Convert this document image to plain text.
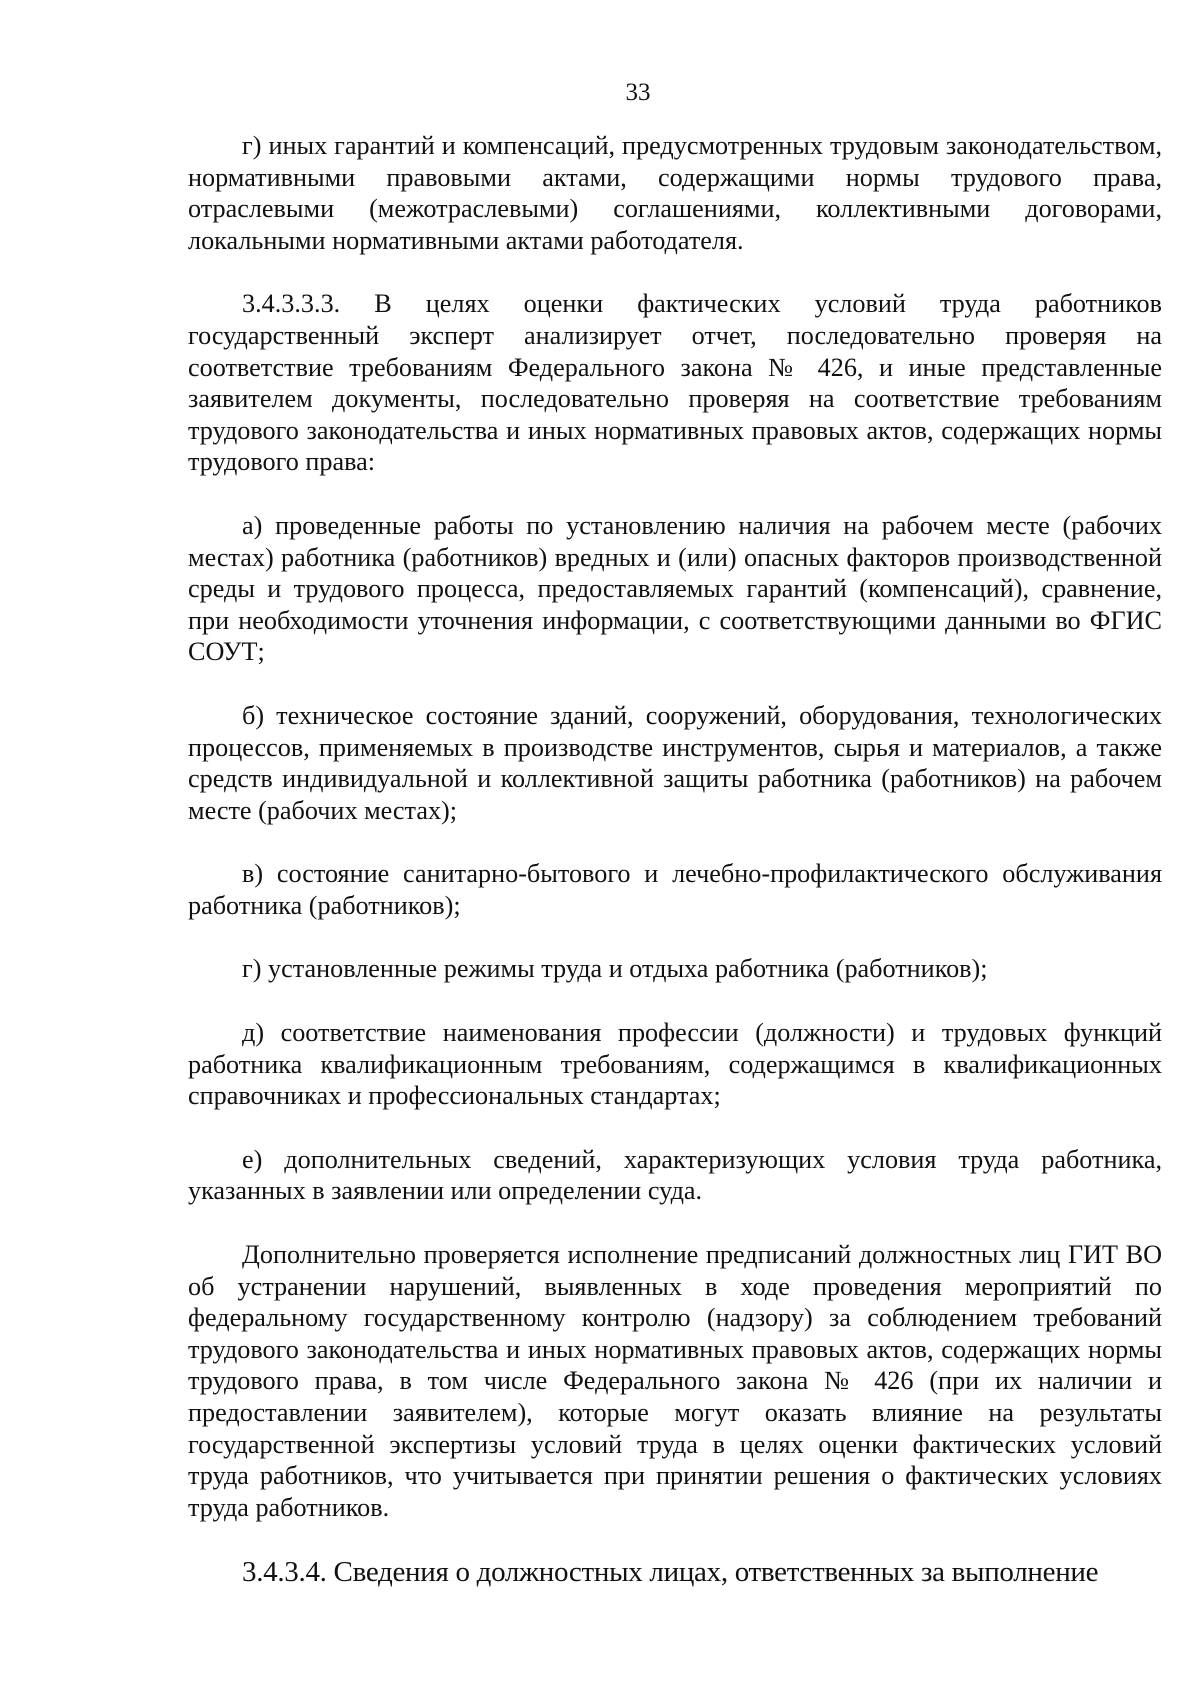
33

г) иных гарантий и компенсаций, предусмотренных трудовым законодательством, нормативными правовыми актами, содержащими нормы трудового права, отраслевыми (межотраслевыми) соглашениями, коллективными договорами, локальными нормативными актами работодателя.

3.4.3.3.3. В целях оценки фактических условий труда работников государственный эксперт анализирует отчет, последовательно проверяя на соответствие требованиям Федерального закона № 426, и иные представленные заявителем документы, последовательно проверяя на соответствие требованиям трудового законодательства и иных нормативных правовых актов, содержащих нормы трудового права:

а) проведенные работы по установлению наличия на рабочем месте (рабочих местах) работника (работников) вредных и (или) опасных факторов производственной среды и трудового процесса, предоставляемых гарантий (компенсаций), сравнение, при необходимости уточнения информации, с соответствующими данными во ФГИС СОУТ;

б) техническое состояние зданий, сооружений, оборудования, технологических процессов, применяемых в производстве инструментов, сырья и материалов, а также средств индивидуальной и коллективной защиты работника (работников) на рабочем месте (рабочих местах);

в) состояние санитарно-бытового и лечебно-профилактического обслуживания работника (работников);

г) установленные режимы труда и отдыха работника (работников);

д) соответствие наименования профессии (должности) и трудовых функций работника квалификационным требованиям, содержащимся в квалификационных справочниках и профессиональных стандартах;

е) дополнительных сведений, характеризующих условия труда работника, указанных в заявлении или определении суда.

Дополнительно проверяется исполнение предписаний должностных лиц ГИТ ВО об устранении нарушений, выявленных в ходе проведения мероприятий по федеральному государственному контролю (надзору) за соблюдением требований трудового законодательства и иных нормативных правовых актов, содержащих нормы трудового права, в том числе Федерального закона № 426 (при их наличии и предоставлении заявителем), которые могут оказать влияние на результаты государственной экспертизы условий труда в целях оценки фактических условий труда работников, что учитывается при принятии решения о фактических условиях труда работников.

3.4.3.4. Сведения о должностных лицах, ответственных за выполнение
